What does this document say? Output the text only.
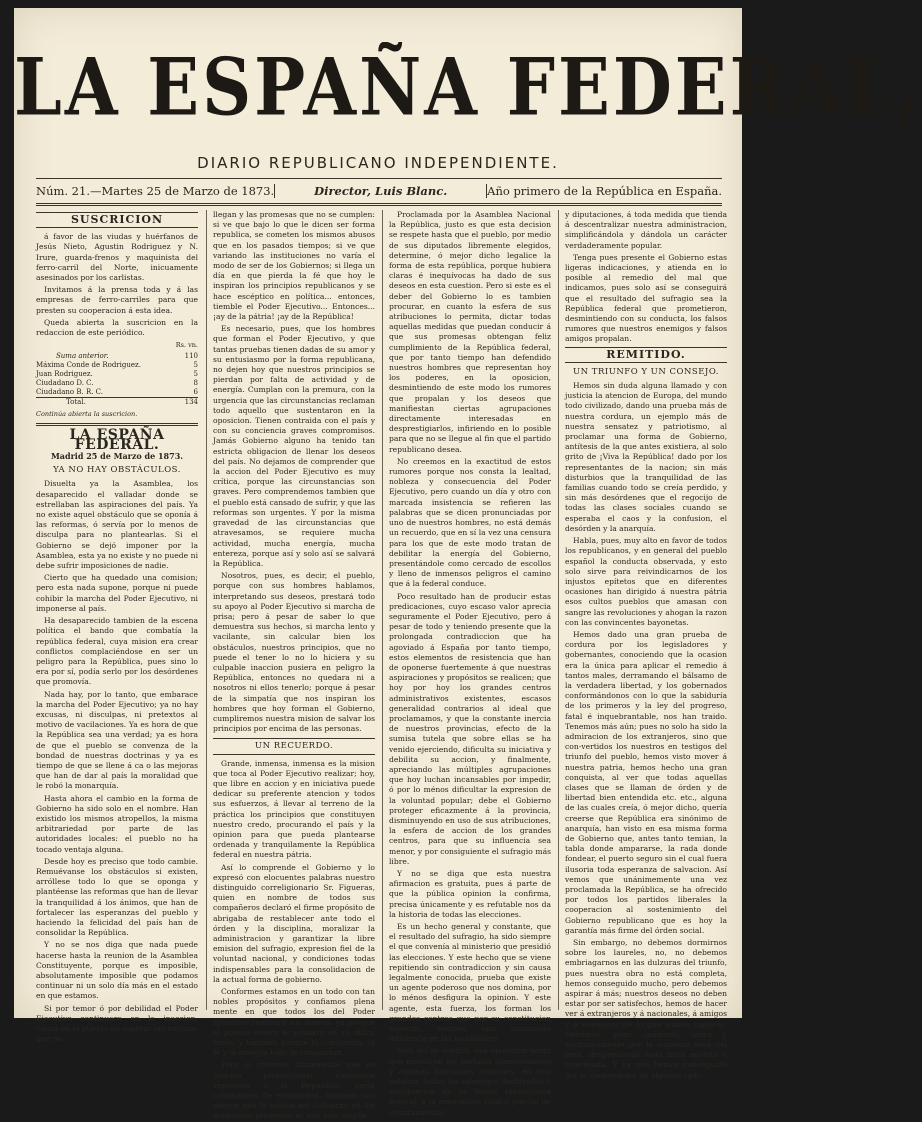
LA ESPAÑA FEDERAL,
DIARIO REPUBLICANO INDEPENDIENTE.
Núm. 21.—Martes 25 de Marzo de 1873.	Director, Luis Blanc.	Año primero de la República en España.
SUSCRICION

á favor de las viudas y huérfanos de Jesús Nieto, Agustin Rodriguez y N. Irure, guarda-frenos y maquinista del ferro-carril del Norte, inicuamente asesinados por los carlistas.

Invitamos á la prensa toda y á las empresas de ferro-carriles para que presten su cooperacion á esta idea.

Queda abierta la suscricion en la redaccion de este periódico.

Rs. vn.
Suma anterior.	110
Máxima Conde de Rodriguez.	5
Juan Rodriguez.	5
Ciudadano D. C.	8
Ciudadano B. R. C.	6
Total.	134
Continúa abierta la suscricion.
LA ESPAÑA FEDERAL.
Madrid 25 de Marzo de 1873.
YA NO HAY OBSTÁCULOS.

Disuelta ya la Asamblea, los desaparecido el valladar donde se estrellaban las aspiraciones del país. Ya no existe aquel obstáculo que se oponía á las reformas, ó servía por lo menos de disculpa para no plantearlas. Si el Gobierno se dejó imponer por la Asamblea, esta ya no existe y no puede ni debe sufrir imposiciones de nadie.

Cierto que ha quedado una comision; pero esta nada supone, porque ni puede cohibir la marcha del Poder Ejecutivo, ni imponerse al país.

Ha desaparecido tambien de la escena política el bando que combatía la república federal, cuya mision era crear conflictos complaciéndose en ser un peligro para la República, pues sino lo era por sí, podía serlo por los desórdenes que promovía.

Nada hay, por lo tanto, que embarace la marcha del Poder Ejecutivo; ya no hay excusas, ni disculpas, ni pretextos al motivo de vacilaciones. Ya es hora de que la República sea una verdad; ya es hora de que el pueblo se convenza de la bondad de nuestras doctrinas y ya es tiempo de que se llene á ca o las mejoras que han de dar al país la moralidad que le robó la monarquía.

Hasta ahora el cambio en la forma de Gobierno ha sido solo en el nombre. Han existido los mismos atropellos, la misma arbitrariedad por parte de las autoridades locales: el pueblo no ha tocado ventaja alguna.

Desde hoy es preciso que todo cambie. Remuévanse los obstáculos si existen, arróllese todo lo que se oponga y plantéense las reformas que han de llevar la tranquilidad á los ánimos, que han de fortalecer las esperanzas del pueblo y haciendo la felicidad del país han de consolidar la República.

Y no se nos diga que nada puede hacerse hasta la reunion de la Asamblea Constituyente, porque es imposible, absolutamente imposible que podamos continuar ni un solo día más en el estado en que estamos.

Si por temor ó por debilidad el Poder Ejecutivo continuara en la inaccion, causa de el pueblo de esperar las mejoras que no

llegan y las promesas que no se cumplen: si ve que bajo lo que le dicen ser forma republica, se cometen los mismos abusos que en los pasados tiempos; si ve que variando las instituciones no varía el modo de ser de los Gobiernos; si llega un día en que pierda la fé que hoy le inspiran los principios republicanos y se hace escéptico en política... entonces, tiemble el Poder Ejecutivo... Entonces... ¡ay de la pátria! ¡ay de la República!

Es necesario, pues, que los hombres que forman el Poder Ejecutivo, y que tantas pruebas tienen dadas de su amor y su entusiasmo por la forma republicana, no dejen hoy que nuestros principios se pierdan por falta de actividad y de energía. Cumplan con la premura, con la urgencia que las circunstancias reclaman todo aquello que sustentaron en la oposicion. Tienen contraida con el país y con su conciencia graves compromisos. Jamás Gobierno alguno ha tenido tan estricta obligacion de llenar los deseos del país. No dejamos de comprender que la accion del Poder Ejecutivo es muy crítica, porque las circunstancias son graves. Pero comprendemos tambien que el pueblo está cansado de sufrir, y que las reformas son urgentes. Y por la misma gravedad de las circunstancias que atravesamos, se requiere mucha actividad, mucha energía, mucha entereza, porque así y solo así se salvará la República.

Nosotros, pues, es decir, el pueblo, porque con sus hombres hablamos, interpretando sus deseos, prestará todo su apoyo al Poder Ejecutivo si marcha de prisa; pero á pesar de saber lo que demuestra sus hechos, si marcha lento y vacilante, sin calcular bien los obstáculos, nuestros principios, que no puede el tener lo no lo hiciera y su culpable inaccion pusiera en peligro la República, entonces no quedara ni a nosotros ni ellos tenerlo; porque á pesar de la simpatía que nos inspiran los hombres que hoy forman el Gobierno, cumpliremos nuestra mision de salvar los principios por encima de las personas.

UN RECUERDO.

Grande, inmensa, inmensa es la mision que toca al Poder Ejecutivo realizar; hoy, que libre en accion y en iniciativa puede dedicar su preferente atencion y todos sus esfuerzos, á llevar al terreno de la práctica los principios que constituyen nuestro credo, procurando el país y la opinion para que pueda plantearse ordenada y tranquilamente la República federal en nuestra pátria.

Así lo comprende el Gobierno y lo expresó con elocuentes palabras nuestro distinguido correligionario Sr. Figueras, quien en nombre de todos sus compañeros declaró el firme propósito de abrigaba de restablecer ante todo el órden y la disciplina, moralizar la administracion y garantizar la libre emision del sufragio, expresion fiel de la voluntad nacional, y condiciones todas indispensables para la consolidacion de la actual forma de gobierno.

Conformes estamos en un todo con tan nobles propósitos y confiamos plena mente en que todos los del Poder Ejecutivo realizará sus deseos, ya porque el pueblo entero le ayudará en su difícil tarea, y tambien porque la constancia, la fé y la energía todo lo conquistan.

Pero si creemos firmemente que es preciso proporcionar elementos vigorosos á la República, darla condiciones de estabilidad, tambien nos parece que la mision del Gobierno en los momentos presentes es aún más amplia.

Proclamada por la Asamblea Nacional la República, justo es que esta decision se respete hasta que el pueblo, por medio de sus diputados libremente elegidos, determine, ó mejor dicho legalice la forma de esta república, porque hubiera claras é inequívocas ha dado de sus deseos en esta cuestion. Pero si este es el deber del Gobierno lo es tambien procurar, en cuanto la esfera de sus atribuciones lo permita, dictar todas aquellas medidas que puedan conducir á que sus promesas obtengan feliz cumplimiento de la República federal, que por tanto tiempo han defendido nuestros hombres que representan hoy los poderes, en la oposicion, desmintiendo de este modo los rumores que propalan y los deseos que manifiestan ciertas agrupaciones directamente interesadas en desprestigiarlos, infiriendo en lo posible para que no se llegue al fin que el partido republicano desea.

No creemos en la exactitud de estos rumores porque nos consta la lealtad, nobleza y consecuencia del Poder Ejecutivo, pero cuando un día y otro con marcada insistencia se refieren las palabras que se dicen pronunciadas por uno de nuestros hombres, no está demás un recuerdo, que en sí la vez una censura para los que de este modo tratan de debilitar la energía del Gobierno, presentándole como cercado de escollos y lleno de inmensos peligros el camino que á la federal conduce.

Poco resultado han de producir estas predicaciones, cuyo escaso valor aprecia seguramente el Poder Ejecutivo, pero á pesar de todo y teniendo presente que la prolongada contradiccion que ha agoviado á España por tanto tiempo, estos elementos de resistencia que han de oponerse fuertemente á que nuestras aspiraciones y propósitos se realicen; que hoy por hoy los grandes centros administrativos existentes, escasos generalidad contrarios al ideal que proclamamos, y que la constante inercia de nuestros provincias, efecto de la sumisa tutela que sobre ellas se ha venido ejerciendo, dificulta su iniciativa y debilita su accion, y finalmente, apreciando las múltiples agrupaciones que hoy luchan incansables por impedir, ó por lo ménos dificultar la expresion de la voluntad popular; debe el Gobierno proteger eficazmente á la provincia, disminuyendo en uso de sus atribuciones, la esfera de accion de los grandes centros, para que su influencia sea menor, y por consiguiente el sufragio más libre.

Y no se diga que esta nuestra afirmacion es gratuita, pues á parte de que la pública opinion la confirma, precisa únicamente y es refutable nos da la historia de todas las elecciones.

Es un hecho general y constante, que el resultado del sufragio, ha sido siempre el que convenía al ministerio que presidió las elecciones. Y este hecho que se viene repitiendo sin contradiccion y sin causa legalmente conocida, prueba que existe un agente poderoso que nos domina, por lo ménos desfigura la opinion. Y este agente, esta fuerza, los forman los grandes centros que por su constitucion especial, ejercen una omnímoda influencia en las localidades.

Solo así se explica, esa oposicion tenaz que muestran los partidos conservadores y algunas fracciones radicales, en una palabra, todos los enemigos declarados ó encubiertos de la forma republicana federal, á la renovacion total ó parcial de ayuntamientos

y diputaciones, á toda medida que tienda á descentralizar nuestra administracion, simplificándola y dándola un carácter verdaderamente popular.

Tenga pues presente el Gobierno estas ligeras indicaciones, y atienda en lo posible al remedio del mal que indicamos, pues solo así se conseguirá que el resultado del sufragio sea la República federal que prometieron, desmintiendo con su conducta, los falsos rumores que nuestros enemigos y falsos amigos propalan.

REMITIDO.
UN TRIUNFO Y UN CONSEJO.

Hemos sin duda alguna llamado y con justicia la atencion de Europa, del mundo todo civilizado, dando una prueba más de nuestra cordura, un ejemplo más de nuestra sensatez y patriotismo, al proclamar una forma de Gobierno, antítesis de la que antes existiera, al solo grito de ¡Viva la República! dado por los representantes de la nacion; sin más disturbios que la tranquilidad de las familias cuando todo se creía perdido, y sin más desórdenes que el regocijo de todas las clases sociales cuando se esperaba el caos y la confusion, el desórden y la anarquía.

Habla, pues, muy alto en favor de todos los republicanos, y en general del pueblo español la conducta observada, y esto solo sirve para reivindicarnos de los injustos epítetos que en diferentes ocasiones han dirigido á nuestra pátria esos cultos pueblos que amasan con sangre las revoluciones y ahogan la razon con las convincentes bayonetas.

Hemos dado una gran prueba de cordura por los legisladores y gobernantes, conociendo que la ocasion era la única para aplicar el remedio á tantos males, derramando el bálsamo de la verdadera libertad, y los gobernados conformándonos con lo que la sabiduría de los primeros y la ley del progreso, fatal é inquebrantable, nos han traido. Tenemos más aún; pues no solo ha sido la admiracion de los extranjeros, sino que con-vertidos los nuestros en testigos del triunfo del pueblo, hemos visto mover á nuestra patria, hemos hecho una gran conquista, al ver que todas aquellas clases que se llaman de órden y de libertad bien entendida etc. etc., alguna de las cuales creía, ó mejor dicho, quería creerse que República era sinónimo de anarquía, han visto en esa misma forma de Gobierno que, antes tanto temian, la tabla donde ampararse, la rada donde fondear, el puerto seguro sin el cual fuera ilusoria toda esperanza de salvacion. Así vemos que unánimemente una vez proclamada la República, se ha ofrecido por todos los partidos liberales la cooperacion al sostenimiento del Gobierno republicano que es hoy la garantía más firme del órden social.

Sin embargo, no debemos dormirnos sobre los laureles, no, no debemos embriagarnos en las dulzuras del triunfo, pues nuestra obra no está completa, hemos conseguido mucho, pero debemos aspirar á más; nuestros deseos no deben estar por ser satisfechos, hemos de hacer ver á extranjeros y á nacionales, á amigos y á enemigos de lo que somos capaces. Debemos, pues, guiarnos, única y exclusivamente por la suprema idea del bien, despreciando toda mira egoísta é interesada. Y ya que hemos conseguido por la cooperacion de algunos radi-
